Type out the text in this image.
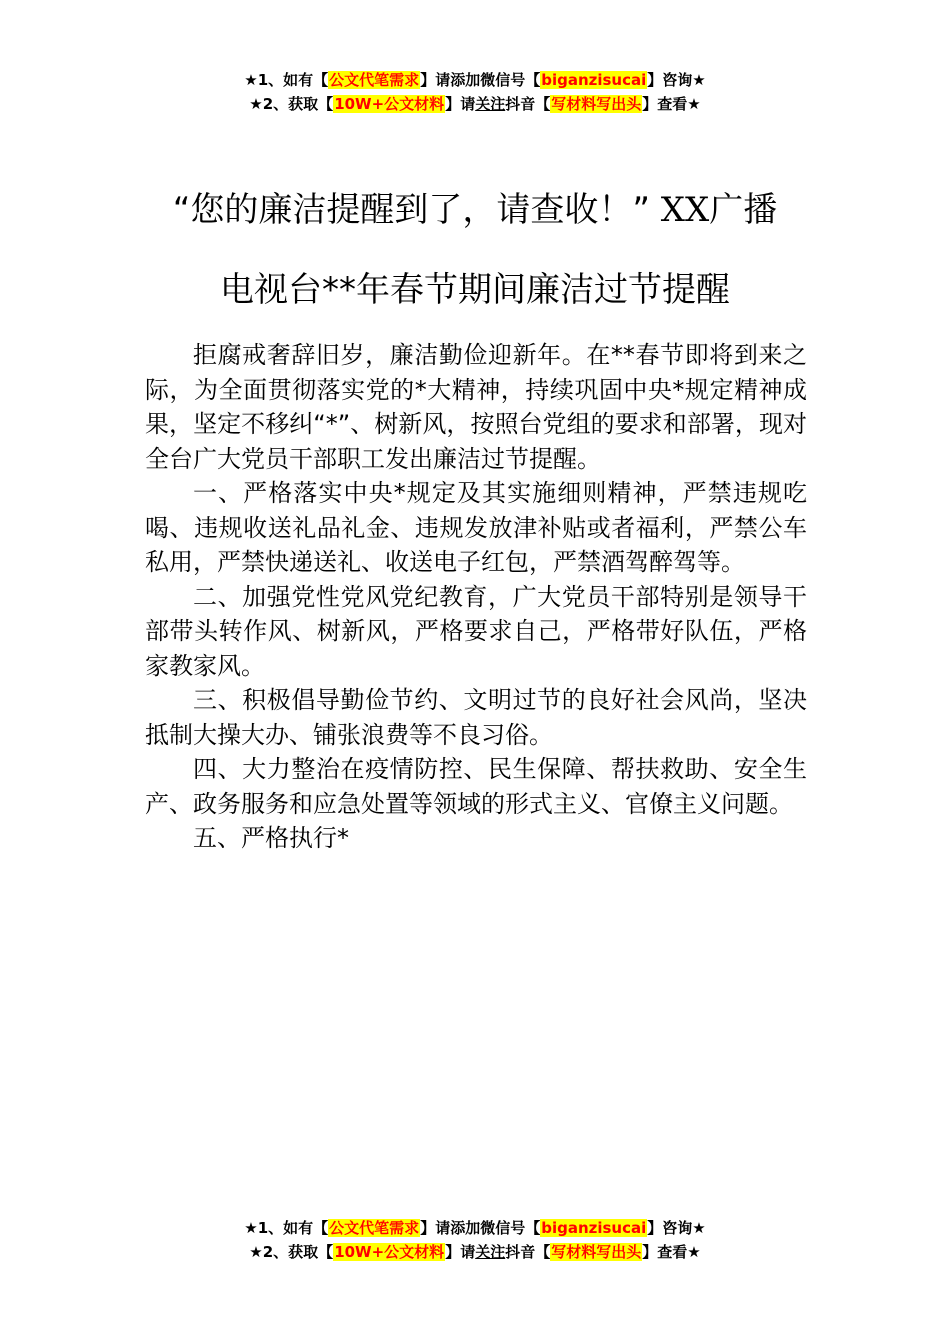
★1、如有【公文代笔需求】请添加微信号【biganzisucai】咨询★
★2、获取【10W+公文材料】请关注抖音【写材料写出头】查看★
“您的廉洁提醒到了，请查收！” XX广播
电视台**年春节期间廉洁过节提醒

拒腐戒奢辞旧岁，廉洁勤俭迎新年。在**春节即将到来之际，为全面贯彻落实党的*大精神，持续巩固中央*规定精神成果，坚定不移纠“*”、树新风，按照台党组的要求和部署，现对全台广大党员干部职工发出廉洁过节提醒。

一、严格落实中央*规定及其实施细则精神，严禁违规吃喝、违规收送礼品礼金、违规发放津补贴或者福利，严禁公车私用，严禁快递送礼、收送电子红包，严禁酒驾醉驾等。

二、加强党性党风党纪教育，广大党员干部特别是领导干部带头转作风、树新风，严格要求自己，严格带好队伍，严格家教家风。

三、积极倡导勤俭节约、文明过节的良好社会风尚，坚决抵制大操大办、铺张浪费等不良习俗。

四、大力整治在疫情防控、民生保障、帮扶救助、安全生产、政务服务和应急处置等领域的形式主义、官僚主义问题。

五、严格执行*

★1、如有【公文代笔需求】请添加微信号【biganzisucai】咨询★
★2、获取【10W+公文材料】请关注抖音【写材料写出头】查看★
